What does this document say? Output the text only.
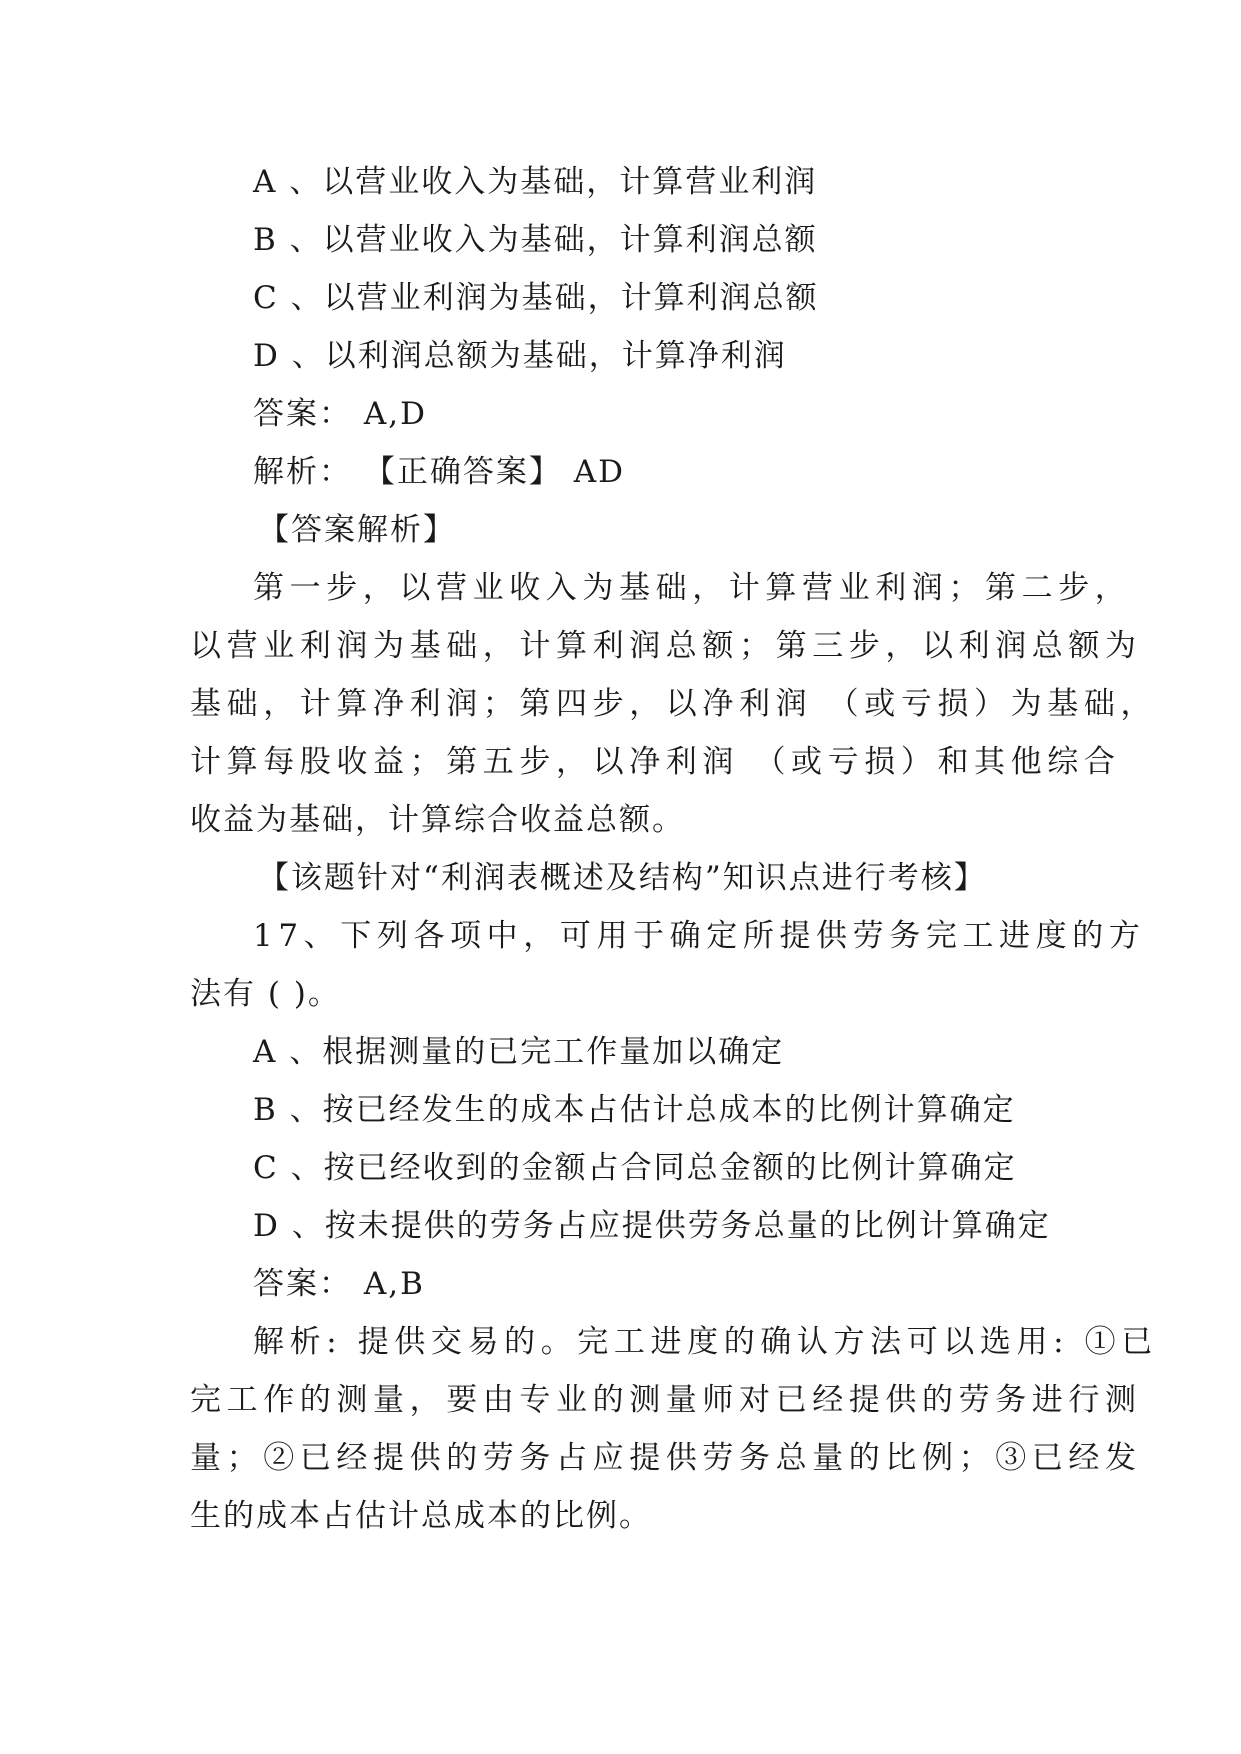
A 、以营业收入为基础，计算营业利润
B 、以营业收入为基础，计算利润总额
C 、以营业利润为基础，计算利润总额
D 、以利润总额为基础，计算净利润
答案： A,D
解析： 【正确答案】 AD
【答案解析】
第一步，以营业收入为基础，计算营业利润；第二步，
以营业利润为基础，计算利润总额；第三步，以利润总额为
基础，计算净利润；第四步，以净利润 （或亏损）为基础，
计算每股收益；第五步，以净利润 （或亏损）和其他综合
收益为基础，计算综合收益总额。
【该题针对“利润表概述及结构”知识点进行考核】
17、下列各项中，可用于确定所提供劳务完工进度的方
法有 ( )。
A 、根据测量的已完工作量加以确定
B 、按已经发生的成本占估计总成本的比例计算确定
C 、按已经收到的金额占合同总金额的比例计算确定
D 、按未提供的劳务占应提供劳务总量的比例计算确定
答案： A,B
解析: 提供交易的。完工进度的确认方法可以选用: ①已
完工作的测量，要由专业的测量师对已经提供的劳务进行测
量；②已经提供的劳务占应提供劳务总量的比例；③已经发
生的成本占估计总成本的比例。
